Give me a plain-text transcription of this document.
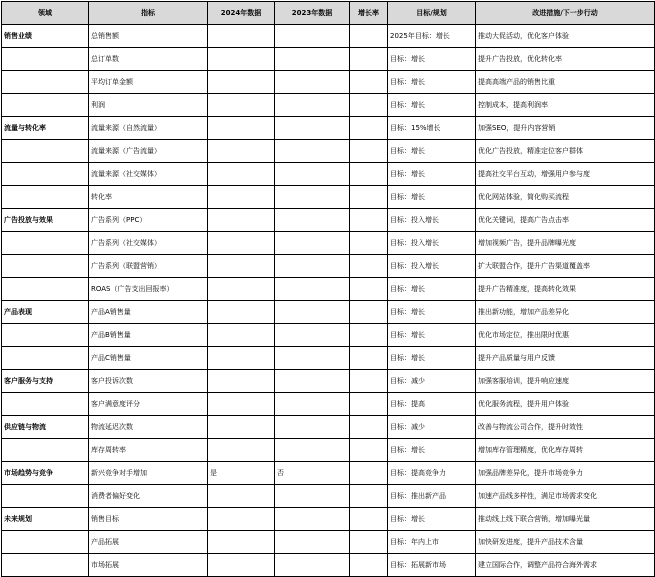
领域	指标	2024年数据	2023年数据	增长率	目标/规划	改进措施/下一步行动
销售业绩	总销售额				2025年目标：增长	推动大促活动，优化客户体验
	总订单数				目标：增长	提升广告投放，优化转化率
	平均订单金额				目标：增长	提高高端产品的销售比重
	利润				目标：增长	控制成本，提高利润率
流量与转化率	流量来源（自然流量）				目标：15%增长	加强SEO，提升内容营销
	流量来源（广告流量）				目标：增长	优化广告投放，精准定位客户群体
	流量来源（社交媒体）				目标：增长	提高社交平台互动，增强用户参与度
	转化率				目标：增长	优化网站体验，简化购买流程
广告投放与效果	广告系列（PPC）				目标：投入增长	优化关键词，提高广告点击率
	广告系列（社交媒体）				目标：投入增长	增加视频广告，提升品牌曝光度
	广告系列（联盟营销）				目标：投入增长	扩大联盟合作，提升广告渠道覆盖率
	ROAS（广告支出回报率）				目标：增长	提升广告精准度，提高转化效果
产品表现	产品A销售量				目标：增长	推出新功能，增加产品差异化
	产品B销售量				目标：增长	优化市场定位，推出限时优惠
	产品C销售量				目标：增长	提升产品质量与用户反馈
客户服务与支持	客户投诉次数				目标：减少	加强客服培训，提升响应速度
	客户满意度评分				目标：提高	优化服务流程，提升用户体验
供应链与物流	物流延迟次数				目标：减少	改善与物流公司合作，提升时效性
	库存周转率				目标：增长	增加库存管理精度，优化库存周转
市场趋势与竞争	新兴竞争对手增加	是	否		目标：提高竞争力	加强品牌差异化，提升市场竞争力
	消费者偏好变化				目标：推出新产品	加速产品线多样性，满足市场需求变化
未来规划	销售目标				目标：增长	推动线上线下联合营销，增加曝光量
	产品拓展				目标：年内上市	加快研发进度，提升产品技术含量
	市场拓展				目标：拓展新市场	建立国际合作，调整产品符合海外需求
